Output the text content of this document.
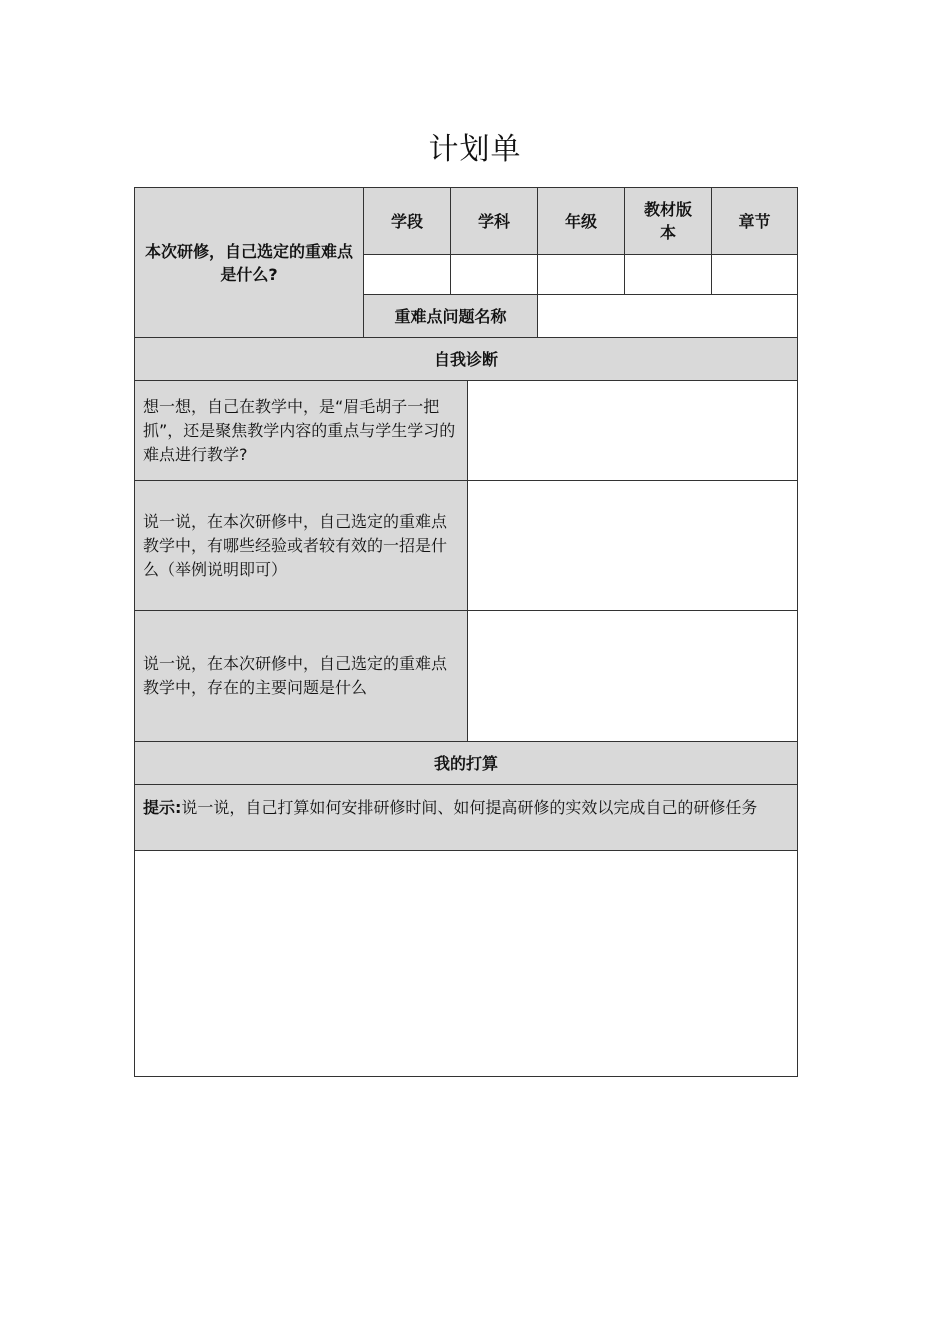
计划单
本次研修，自己选定的重难点是什么?
学段	学科	年级
教材版本
章节
重难点问题名称
自我诊断
想一想，自己在教学中，是“眉毛胡子一把抓”，还是聚焦教学内容的重点与学生学习的难点进行教学?
说一说，在本次研修中，自己选定的重难点教学中，有哪些经验或者较有效的一招是什么（举例说明即可）
说一说，在本次研修中，自己选定的重难点教学中，存在的主要问题是什么
我的打算
提示:说一说，自己打算如何安排研修时间、如何提高研修的实效以完成自己的研修任务
